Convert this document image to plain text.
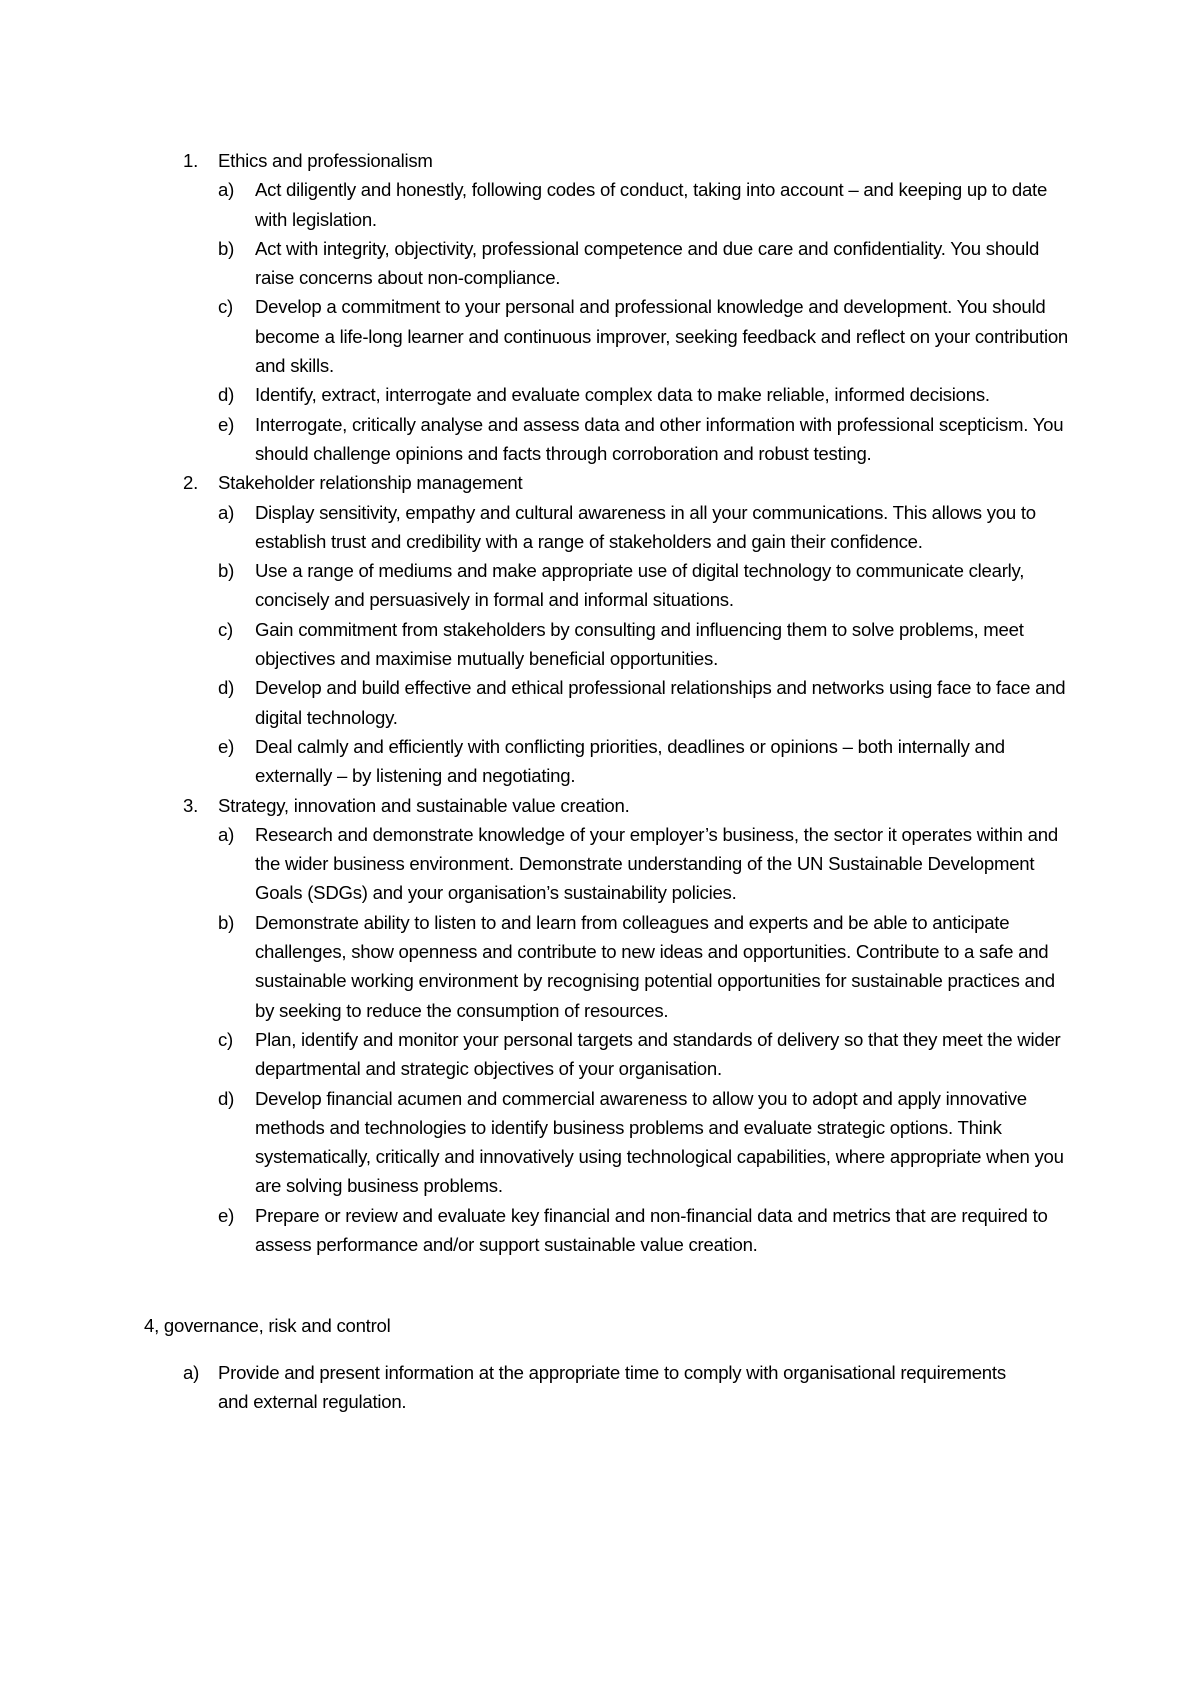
1. Ethics and professionalism
a) Act diligently and honestly, following codes of conduct, taking into account – and keeping up to date with legislation.
b) Act with integrity, objectivity, professional competence and due care and confidentiality. You should raise concerns about non-compliance.
c) Develop a commitment to your personal and professional knowledge and development. You should become a life-long learner and continuous improver, seeking feedback and reflect on your contribution and skills.
d) Identify, extract, interrogate and evaluate complex data to make reliable, informed decisions.
e) Interrogate, critically analyse and assess data and other information with professional scepticism. You should challenge opinions and facts through corroboration and robust testing.
2. Stakeholder relationship management
a) Display sensitivity, empathy and cultural awareness in all your communications. This allows you to establish trust and credibility with a range of stakeholders and gain their confidence.
b) Use a range of mediums and make appropriate use of digital technology to communicate clearly, concisely and persuasively in formal and informal situations.
c) Gain commitment from stakeholders by consulting and influencing them to solve problems, meet objectives and maximise mutually beneficial opportunities.
d) Develop and build effective and ethical professional relationships and networks using face to face and digital technology.
e) Deal calmly and efficiently with conflicting priorities, deadlines or opinions – both internally and externally – by listening and negotiating.
3. Strategy, innovation and sustainable value creation.
a) Research and demonstrate knowledge of your employer’s business, the sector it operates within and the wider business environment. Demonstrate understanding of the UN Sustainable Development Goals (SDGs) and your organisation’s sustainability policies.
b) Demonstrate ability to listen to and learn from colleagues and experts and be able to anticipate challenges, show openness and contribute to new ideas and opportunities. Contribute to a safe and sustainable working environment by recognising potential opportunities for sustainable practices and by seeking to reduce the consumption of resources.
c) Plan, identify and monitor your personal targets and standards of delivery so that they meet the wider departmental and strategic objectives of your organisation.
d) Develop financial acumen and commercial awareness to allow you to adopt and apply innovative methods and technologies to identify business problems and evaluate strategic options. Think systematically, critically and innovatively using technological capabilities, where appropriate when you are solving business problems.
e) Prepare or review and evaluate key financial and non-financial data and metrics that are required to assess performance and/or support sustainable value creation.
4, governance, risk and control
a) Provide and present information at the appropriate time to comply with organisational requirements and external regulation.
